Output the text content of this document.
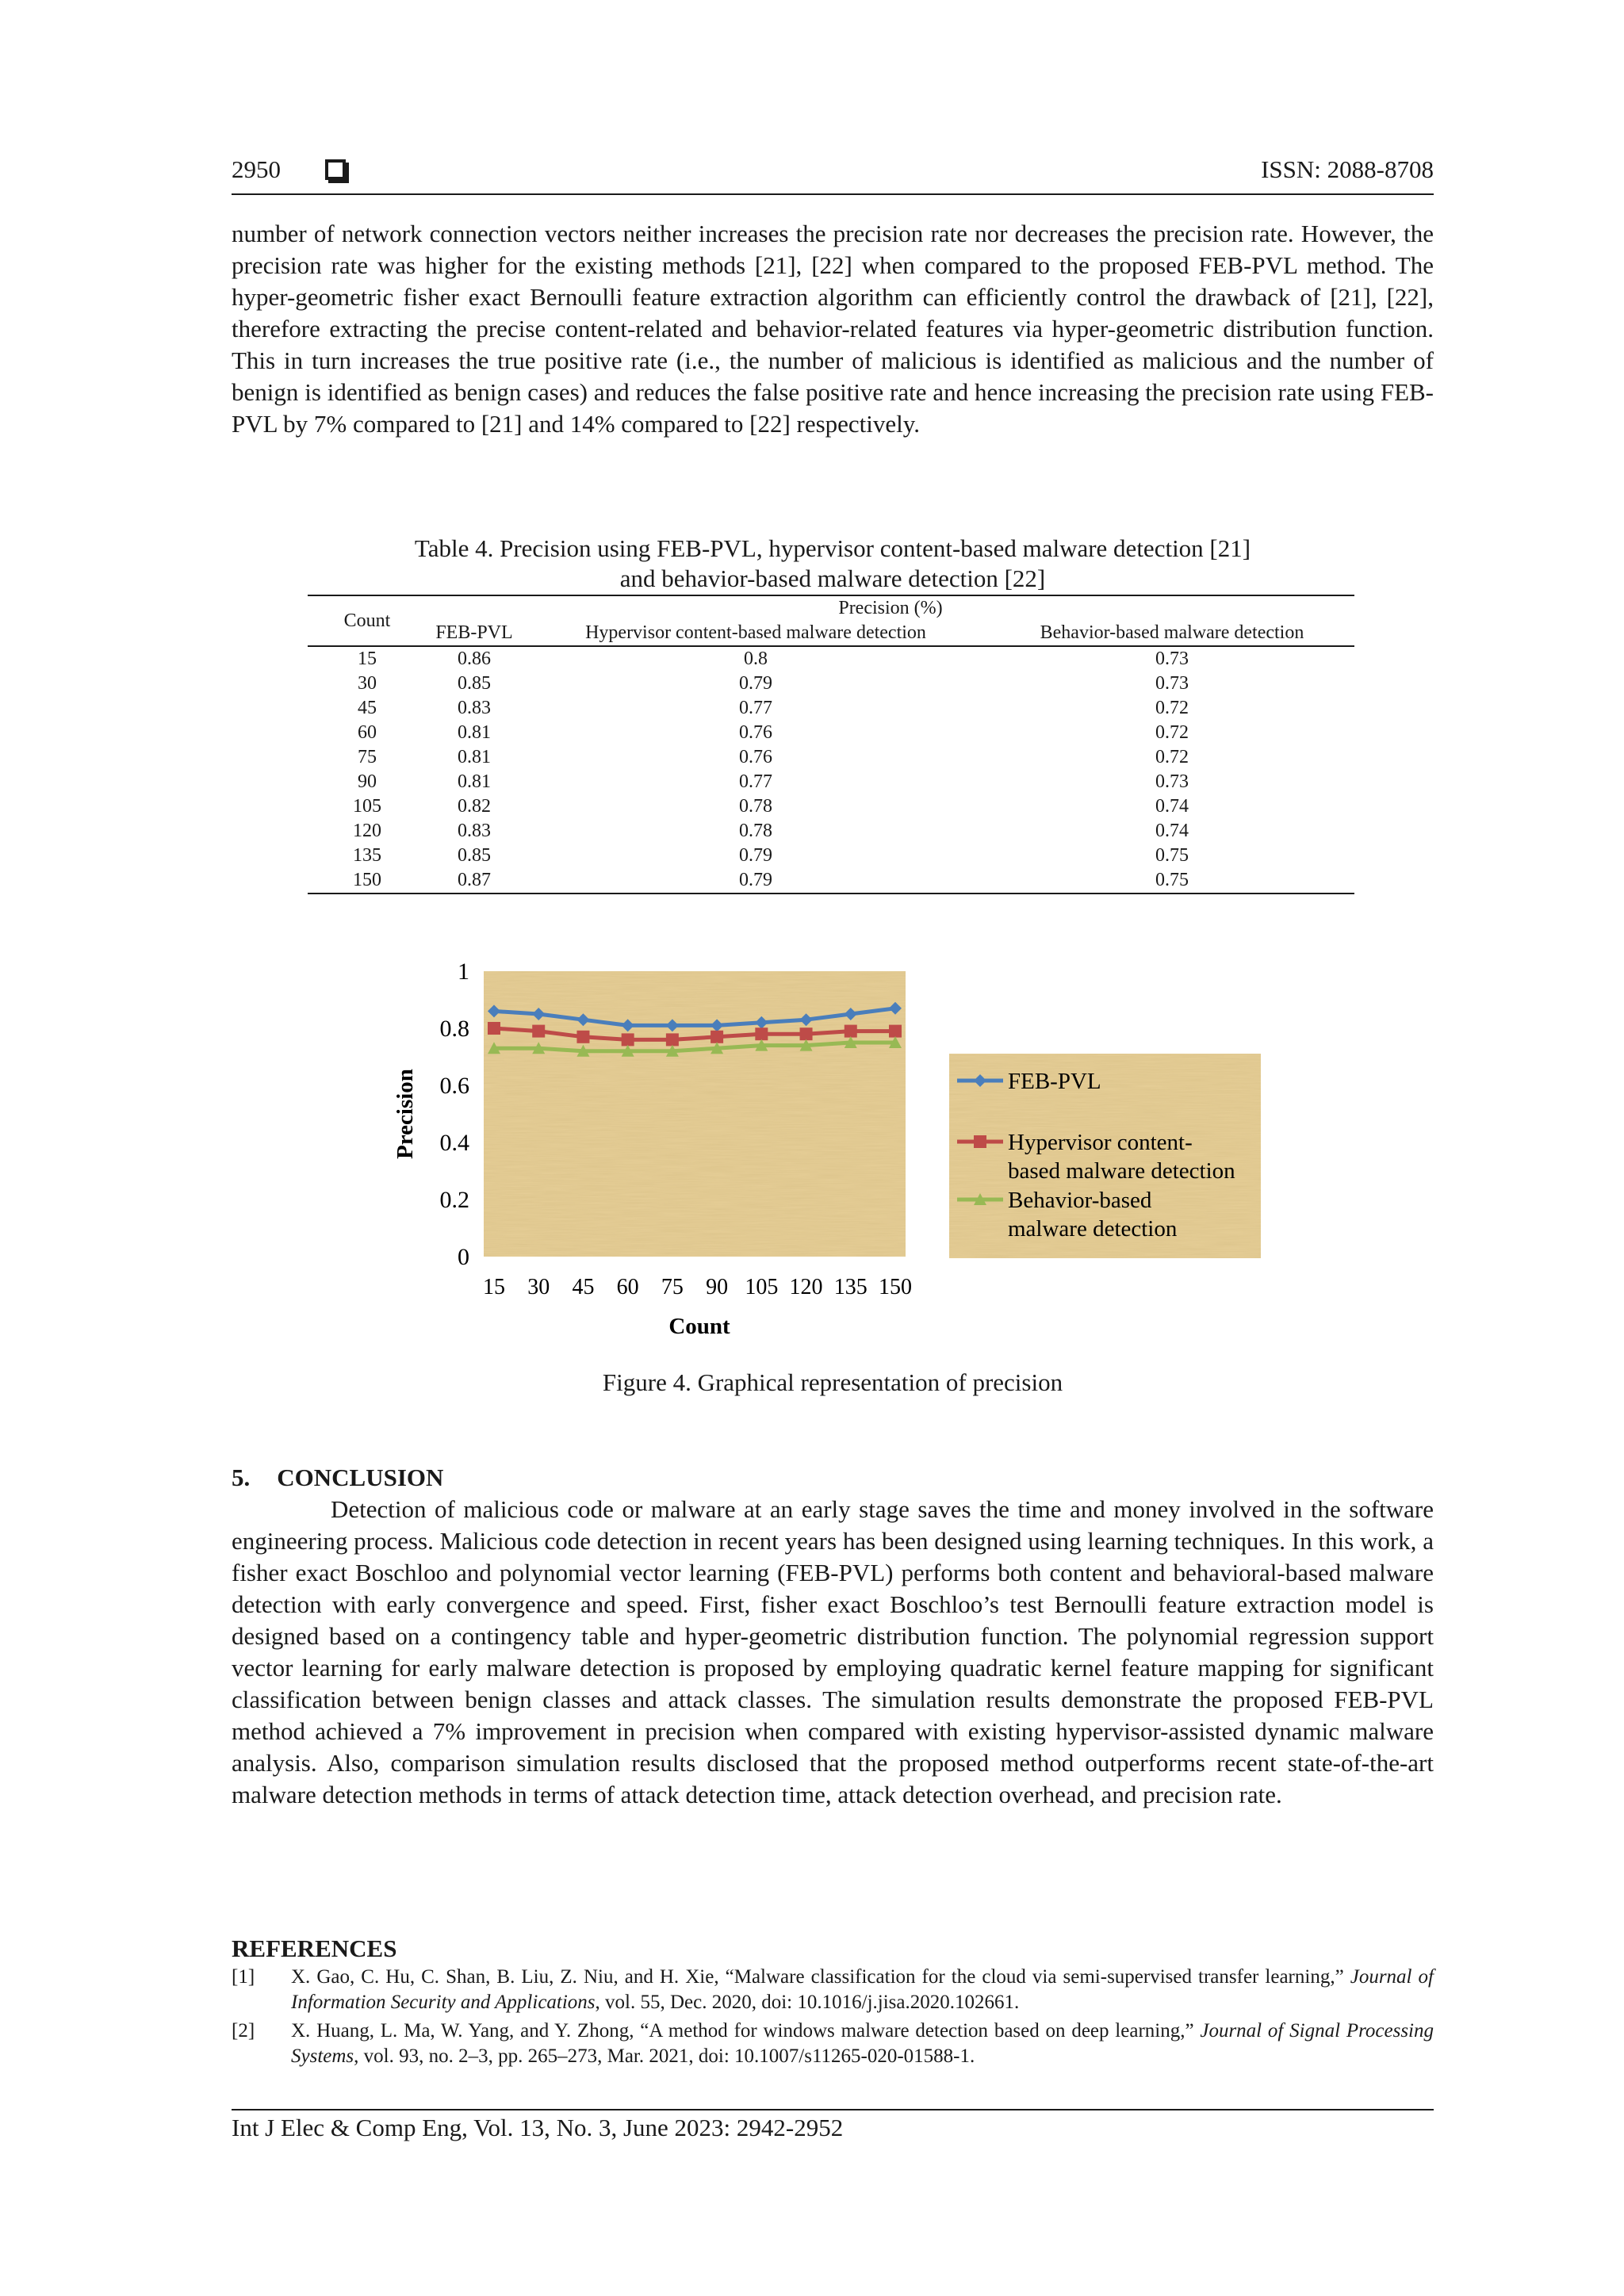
2950	ISSN: 2088-8708

number of network connection vectors neither increases the precision rate nor decreases the precision rate. However, the precision rate was higher for the existing methods [21], [22] when compared to the proposed FEB-PVL method. The hyper-geometric fisher exact Bernoulli feature extraction algorithm can efficiently control the drawback of [21], [22], therefore extracting the precise content-related and behavior-related features via hyper-geometric distribution function. This in turn increases the true positive rate (i.e., the number of malicious is identified as malicious and the number of benign is identified as benign cases) and reduces the false positive rate and hence increasing the precision rate using FEB-PVL by 7% compared to [21] and 14% compared to [22] respectively.

Table 4. Precision using FEB-PVL, hypervisor content-based malware detection [21]

and behavior-based malware detection [22]

Count	Precision (%)		
	FEB-PVL	Hypervisor content-based malware detection	Behavior-based malware detection
15	0.86	0.8	0.73
30	0.85	0.79	0.73
45	0.83	0.77	0.72
60	0.81	0.76	0.72
75	0.81	0.76	0.72
90	0.81	0.77	0.73
105	0.82	0.78	0.74
120	0.83	0.78	0.74
135	0.85	0.79	0.75
150	0.87	0.79	0.75
0
0.2
0.4
0.6
0.8
1
15 30 45 60 75 90 105 120 135 150
Precision
Count
FEB-PVL
Hypervisor content-
based malware detection
Behavior-based
malware detection

Figure 4. Graphical representation of precision

5. CONCLUSION

Detection of malicious code or malware at an early stage saves the time and money involved in the software engineering process. Malicious code detection in recent years has been designed using learning techniques. In this work, a fisher exact Boschloo and polynomial vector learning (FEB-PVL) performs both content and behavioral-based malware detection with early convergence and speed. First, fisher exact Boschloo’s test Bernoulli feature extraction model is designed based on a contingency table and hyper-geometric distribution function. The polynomial regression support vector learning for early malware detection is proposed by employing quadratic kernel feature mapping for significant classification between benign classes and attack classes. The simulation results demonstrate the proposed FEB-PVL method achieved a 7% improvement in precision when compared with existing hypervisor-assisted dynamic malware analysis. Also, comparison simulation results disclosed that the proposed method outperforms recent state-of-the-art malware detection methods in terms of attack detection time, attack detection overhead, and precision rate.

REFERENCES
[1] X. Gao, C. Hu, C. Shan, B. Liu, Z. Niu, and H. Xie, “Malware classification for the cloud via semi-supervised transfer learning,” Journal of Information Security and Applications, vol. 55, Dec. 2020, doi: 10.1016/j.jisa.2020.102661.
[2] X. Huang, L. Ma, W. Yang, and Y. Zhong, “A method for windows malware detection based on deep learning,” Journal of Signal Processing Systems, vol. 93, no. 2–3, pp. 265–273, Mar. 2021, doi: 10.1007/s11265-020-01588-1.
Int J Elec & Comp Eng, Vol. 13, No. 3, June 2023: 2942-2952
